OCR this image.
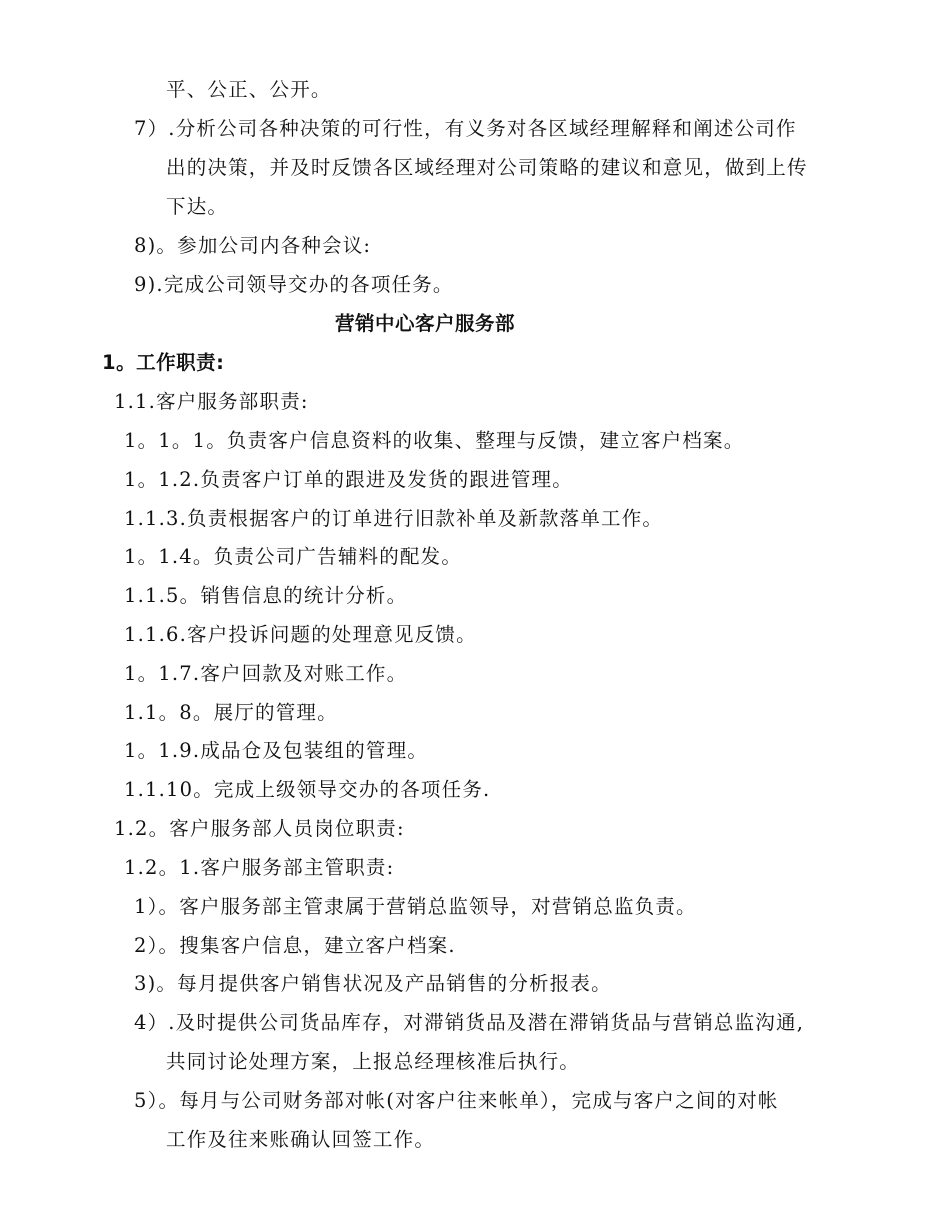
平、公正、公开。
7）.分析公司各种决策的可行性，有义务对各区域经理解释和阐述公司作
出的决策，并及时反馈各区域经理对公司策略的建议和意见，做到上传
下达。
8)。参加公司内各种会议:
9).完成公司领导交办的各项任务。
营销中心客户服务部
1。工作职责:
1.1.客户服务部职责:
1。1。1。负责客户信息资料的收集、整理与反馈，建立客户档案。
1。1.2.负责客户订单的跟进及发货的跟进管理。
1.1.3.负责根据客户的订单进行旧款补单及新款落单工作。
1。1.4。负责公司广告辅料的配发。
1.1.5。销售信息的统计分析。
1.1.6.客户投诉问题的处理意见反馈。
1。1.7.客户回款及对账工作。
1.1。8。展厅的管理。
1。1.9.成品仓及包装组的管理。
1.1.10。完成上级领导交办的各项任务.
1.2。客户服务部人员岗位职责:
1.2。1.客户服务部主管职责:
1）。客户服务部主管隶属于营销总监领导，对营销总监负责。
2）。搜集客户信息，建立客户档案.
3)。每月提供客户销售状况及产品销售的分析报表。
4）.及时提供公司货品库存，对滞销货品及潜在滞销货品与营销总监沟通,
共同讨论处理方案，上报总经理核准后执行。
5）。每月与公司财务部对帐(对客户往来帐单），完成与客户之间的对帐
工作及往来账确认回签工作。
